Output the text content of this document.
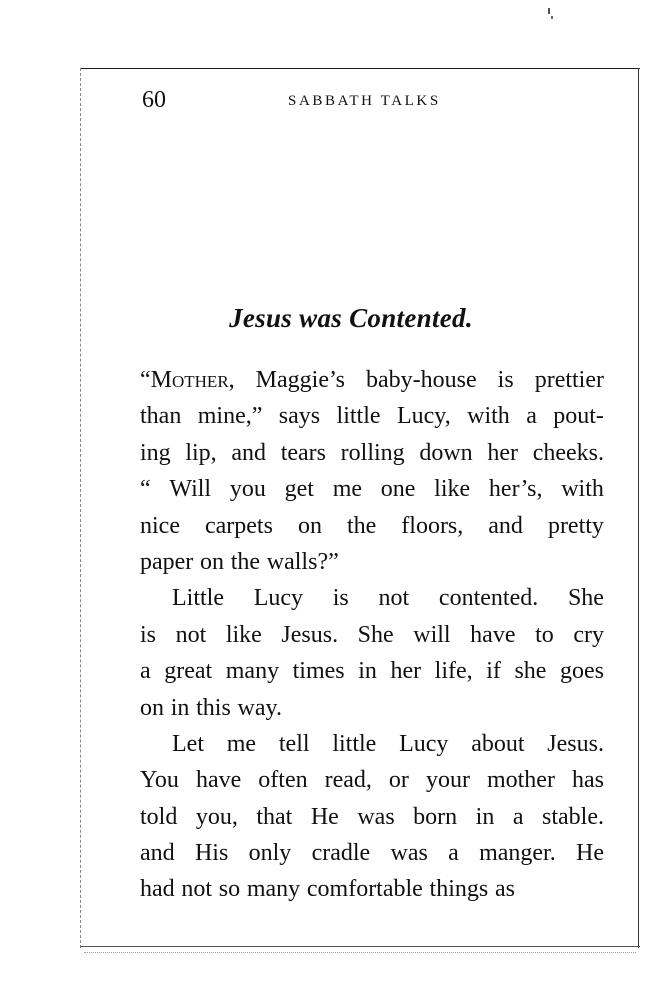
60	SABBATH TALKS
Jesus was Contented.
“Mother, Maggie’s baby-house is prettier
than mine,” says little Lucy, with a pout-
ing lip, and tears rolling down her cheeks.
“ Will you get me one like her’s, with
nice carpets on the floors, and pretty
paper on the walls?”
Little Lucy is not contented. She
is not like Jesus. She will have to cry
a great many times in her life, if she goes
on in this way.
Let me tell little Lucy about Jesus.
You have often read, or your mother has
told you, that He was born in a stable.
and His only cradle was a manger. He
had not so many comfortable things as
